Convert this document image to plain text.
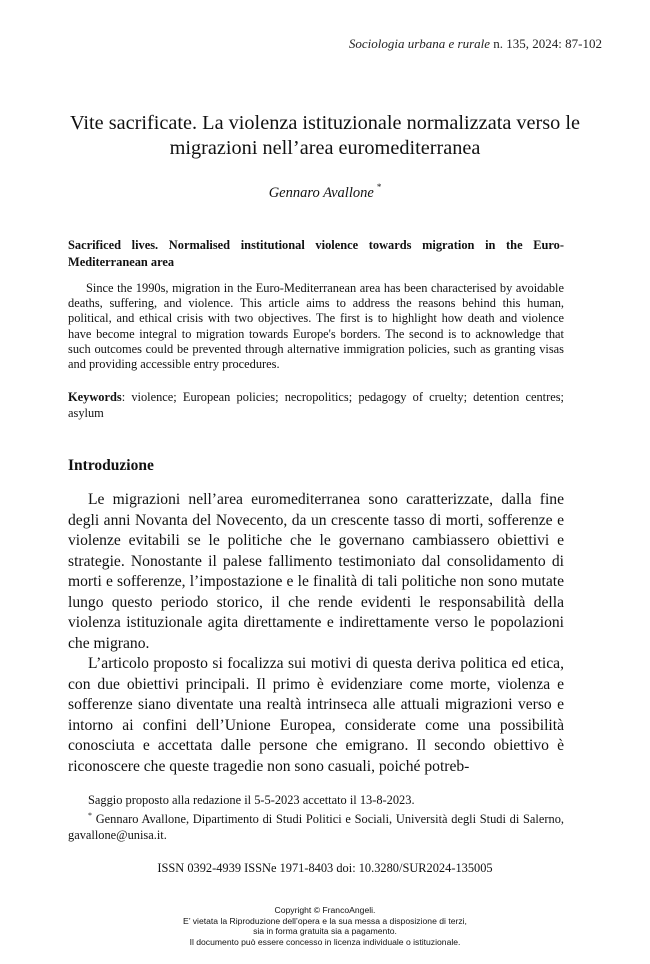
Sociologia urbana e rurale n. 135, 2024: 87-102
Vite sacrificate. La violenza istituzionale normalizzata verso le migrazioni nell’area euromediterranea
Gennaro Avallone *
Sacrificed lives. Normalised institutional violence towards migration in the Euro-Mediterranean area
Since the 1990s, migration in the Euro-Mediterranean area has been characterised by avoidable deaths, suffering, and violence. This article aims to address the reasons behind this human, political, and ethical crisis with two objectives. The first is to highlight how death and violence have become integral to migration towards Europe's borders. The second is to acknowledge that such outcomes could be prevented through alternative immigration policies, such as granting visas and providing accessible entry procedures.
Keywords: violence; European policies; necropolitics; pedagogy of cruelty; detention centres; asylum
Introduzione

Le migrazioni nell’area euromediterranea sono caratterizzate, dalla fine degli anni Novanta del Novecento, da un crescente tasso di morti, sofferenze e violenze evitabili se le politiche che le governano cambiassero obiettivi e strategie. Nonostante il palese fallimento testimoniato dal consolidamento di morti e sofferenze, l’impostazione e le finalità di tali politiche non sono mutate lungo questo periodo storico, il che rende evidenti le responsabilità della violenza istituzionale agita direttamente e indirettamente verso le popolazioni che migrano.

L’articolo proposto si focalizza sui motivi di questa deriva politica ed etica, con due obiettivi principali. Il primo è evidenziare come morte, violenza e sofferenze siano diventate una realtà intrinseca alle attuali migrazioni verso e intorno ai confini dell’Unione Europea, considerate come una possibilità conosciuta e accettata dalle persone che emigrano. Il secondo obiettivo è riconoscere che queste tragedie non sono casuali, poiché potreb-

Saggio proposto alla redazione il 5-5-2023 accettato il 13-8-2023.

* Gennaro Avallone, Dipartimento di Studi Politici e Sociali, Università degli Studi di Salerno, gavallone@unisa.it.

ISSN 0392-4939 ISSNe 1971-8403 doi: 10.3280/SUR2024-135005
Copyright © FrancoAngeli.
E’ vietata la Riproduzione dell’opera e la sua messa a disposizione di terzi,
sia in forma gratuita sia a pagamento.
Il documento può essere concesso in licenza individuale o istituzionale.
